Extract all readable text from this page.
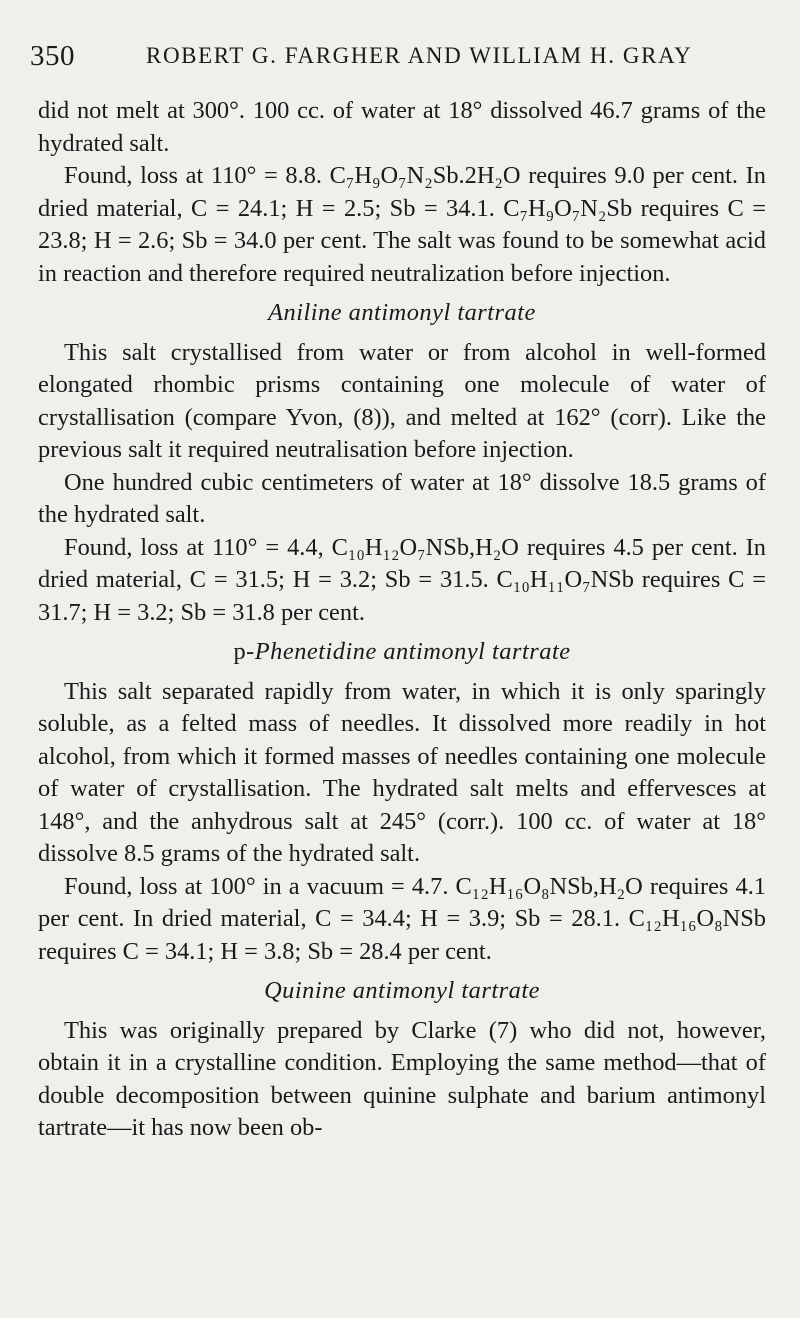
350	ROBERT G. FARGHER AND WILLIAM H. GRAY

did not melt at 300°. 100 cc. of water at 18° dissolved 46.7 grams of the hydrated salt.

Found, loss at 110° = 8.8. C₇H₉O₇N₂Sb.2H₂O requires 9.0 per cent. In dried material, C = 24.1; H = 2.5; Sb = 34.1. C₇H₉O₇N₂Sb requires C = 23.8; H = 2.6; Sb = 34.0 per cent. The salt was found to be somewhat acid in reaction and therefore required neutralization before injection.

Aniline antimonyl tartrate

This salt crystallised from water or from alcohol in well-formed elongated rhombic prisms containing one molecule of water of crystallisation (compare Yvon, (8)), and melted at 162° (corr). Like the previous salt it required neutralisation before injection.

One hundred cubic centimeters of water at 18° dissolve 18.5 grams of the hydrated salt.

Found, loss at 110° = 4.4, C₁₀H₁₂O₇NSb,H₂O requires 4.5 per cent. In dried material, C = 31.5; H = 3.2; Sb = 31.5. C₁₀H₁₁O₇NSb requires C = 31.7; H = 3.2; Sb = 31.8 per cent.

p-Phenetidine antimonyl tartrate

This salt separated rapidly from water, in which it is only sparingly soluble, as a felted mass of needles. It dissolved more readily in hot alcohol, from which it formed masses of needles containing one molecule of water of crystallisation. The hydrated salt melts and effervesces at 148°, and the anhydrous salt at 245° (corr.). 100 cc. of water at 18° dissolve 8.5 grams of the hydrated salt.

Found, loss at 100° in a vacuum = 4.7. C₁₂H₁₆O₈NSb,H₂O requires 4.1 per cent. In dried material, C = 34.4; H = 3.9; Sb = 28.1. C₁₂H₁₆O₈NSb requires C = 34.1; H = 3.8; Sb = 28.4 per cent.

Quinine antimonyl tartrate

This was originally prepared by Clarke (7) who did not, however, obtain it in a crystalline condition. Employing the same method—that of double decomposition between quinine sulphate and barium antimonyl tartrate—it has now been ob-
